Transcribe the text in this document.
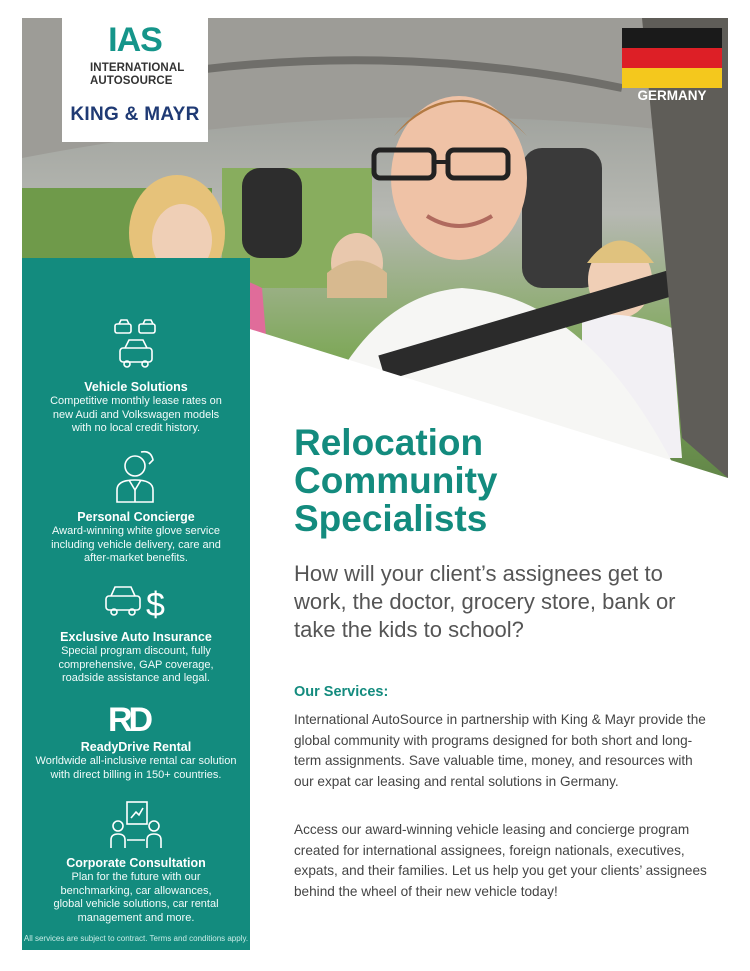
IAS
INTERNATIONAL
AUTOSOURCE
KING & MAYR
GERMANY
Vehicle Solutions
Competitive monthly lease rates on new Audi and Volkswagen models with no local credit history.
Personal Concierge
Award-winning white glove service including vehicle delivery, care and after-market benefits.
$
Exclusive Auto Insurance
Special program discount, fully comprehensive, GAP coverage, roadside assistance and legal.
RD
ReadyDrive Rental
Worldwide all-inclusive rental car solution with direct billing in 150+ countries.
Corporate Consultation
Plan for the future with our benchmarking, car allowances, global vehicle solutions, car rental management and more.
All services are subject to contract. Terms and conditions apply.
Relocation
Community
Specialists
How will your client’s assignees get to work, the doctor, grocery store, bank or take the kids to school?
Our Services:
International AutoSource in partnership with King & Mayr provide the global community with programs designed for both short and long-term assignments. Save valuable time, money, and resources with our expat car leasing and rental solutions in Germany.
Access our award-winning vehicle leasing and concierge program created for international assignees, foreign nationals, executives, expats, and their families. Let us help you get your clients’ assignees behind the wheel of their new vehicle today!
